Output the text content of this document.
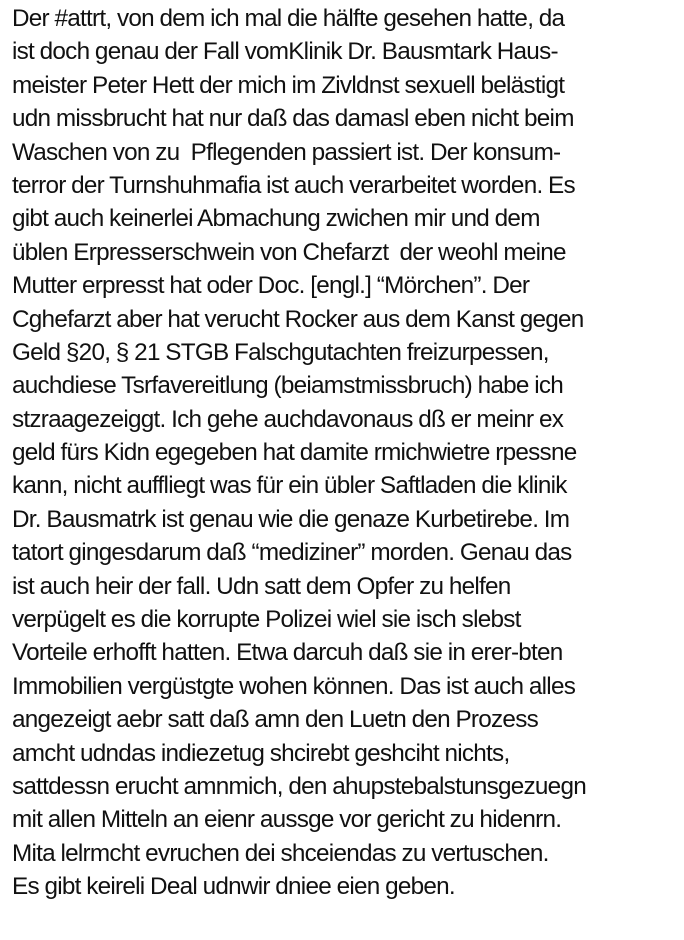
Der #attrt, von dem ich mal die hälfte gesehen hatte, da
ist doch genau der Fall vomKlinik Dr. Bausmtark Haus-
meister Peter Hett der mich im Zivldnst sexuell belästigt
udn missbrucht hat nur daß das damasl eben nicht beim
Waschen von zu  Pflegenden passiert ist. Der konsum-
terror der Turnshuhmafia ist auch verarbeitet worden. Es
gibt auch keinerlei Abmachung zwichen mir und dem
üblen Erpresserschwein von Chefarzt  der weohl meine
Mutter erpresst hat oder Doc. [engl.] “Mörchen”. Der
Cghefarzt aber hat verucht Rocker aus dem Kanst gegen
Geld §20, § 21 STGB Falschgutachten freizurpessen,
auchdiese Tsrfavereitlung (beiamstmissbruch) habe ich
stzraagezeiggt. Ich gehe auchdavonaus dß er meinr ex
geld fürs Kidn egegeben hat damite rmichwietre rpessne
kann, nicht auffliegt was für ein übler Saftladen die klinik
Dr. Bausmatrk ist genau wie die genaze Kurbetirebe. Im
tatort gingesdarum daß “mediziner” morden. Genau das
ist auch heir der fall. Udn satt dem Opfer zu helfen
verpügelt es die korrupte Polizei wiel sie isch slebst
Vorteile erhofft hatten. Etwa darcuh daß sie in erer-bten
Immobilien vergüstgte wohen können. Das ist auch alles
angezeigt aebr satt daß amn den Luetn den Prozess
amcht udndas indiezetug shcirebt geshciht nichts,
sattdessn erucht amnmich, den ahupstebalstunsgezuegn
mit allen Mitteln an eienr aussge vor gericht zu hidenrn.
Mita lelrmcht evruchen dei shceiendas zu vertuschen.
Es gibt keireli Deal udnwir dniee eien geben.
